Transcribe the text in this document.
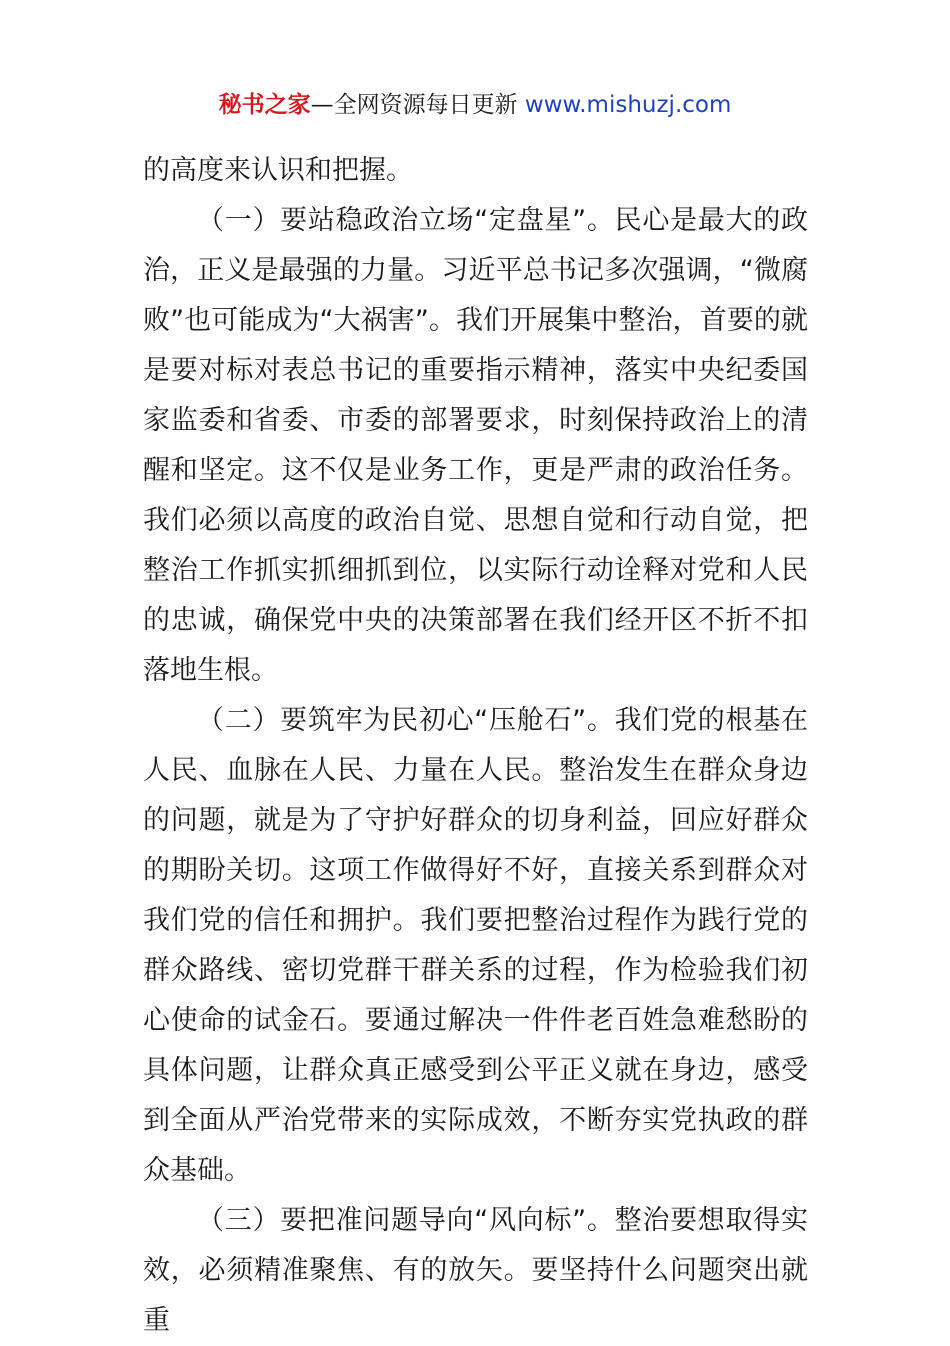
秘书之家—全网资源每日更新 www.mishuzj.com

的高度来认识和把握。

（一）要站稳政治立场“定盘星”。民心是最大的政治，正义是最强的力量。习近平总书记多次强调，“微腐败”也可能成为“大祸害”。我们开展集中整治，首要的就是要对标对表总书记的重要指示精神，落实中央纪委国家监委和省委、市委的部署要求，时刻保持政治上的清醒和坚定。这不仅是业务工作，更是严肃的政治任务。我们必须以高度的政治自觉、思想自觉和行动自觉，把整治工作抓实抓细抓到位，以实际行动诠释对党和人民的忠诚，确保党中央的决策部署在我们经开区不折不扣落地生根。

（二）要筑牢为民初心“压舱石”。我们党的根基在人民、血脉在人民、力量在人民。整治发生在群众身边的问题，就是为了守护好群众的切身利益，回应好群众的期盼关切。这项工作做得好不好，直接关系到群众对我们党的信任和拥护。我们要把整治过程作为践行党的群众路线、密切党群干群关系的过程，作为检验我们初心使命的试金石。要通过解决一件件老百姓急难愁盼的具体问题，让群众真正感受到公平正义就在身边，感受到全面从严治党带来的实际成效，不断夯实党执政的群众基础。

（三）要把准问题导向“风向标”。整治要想取得实效，必须精准聚焦、有的放矢。要坚持什么问题突出就重
